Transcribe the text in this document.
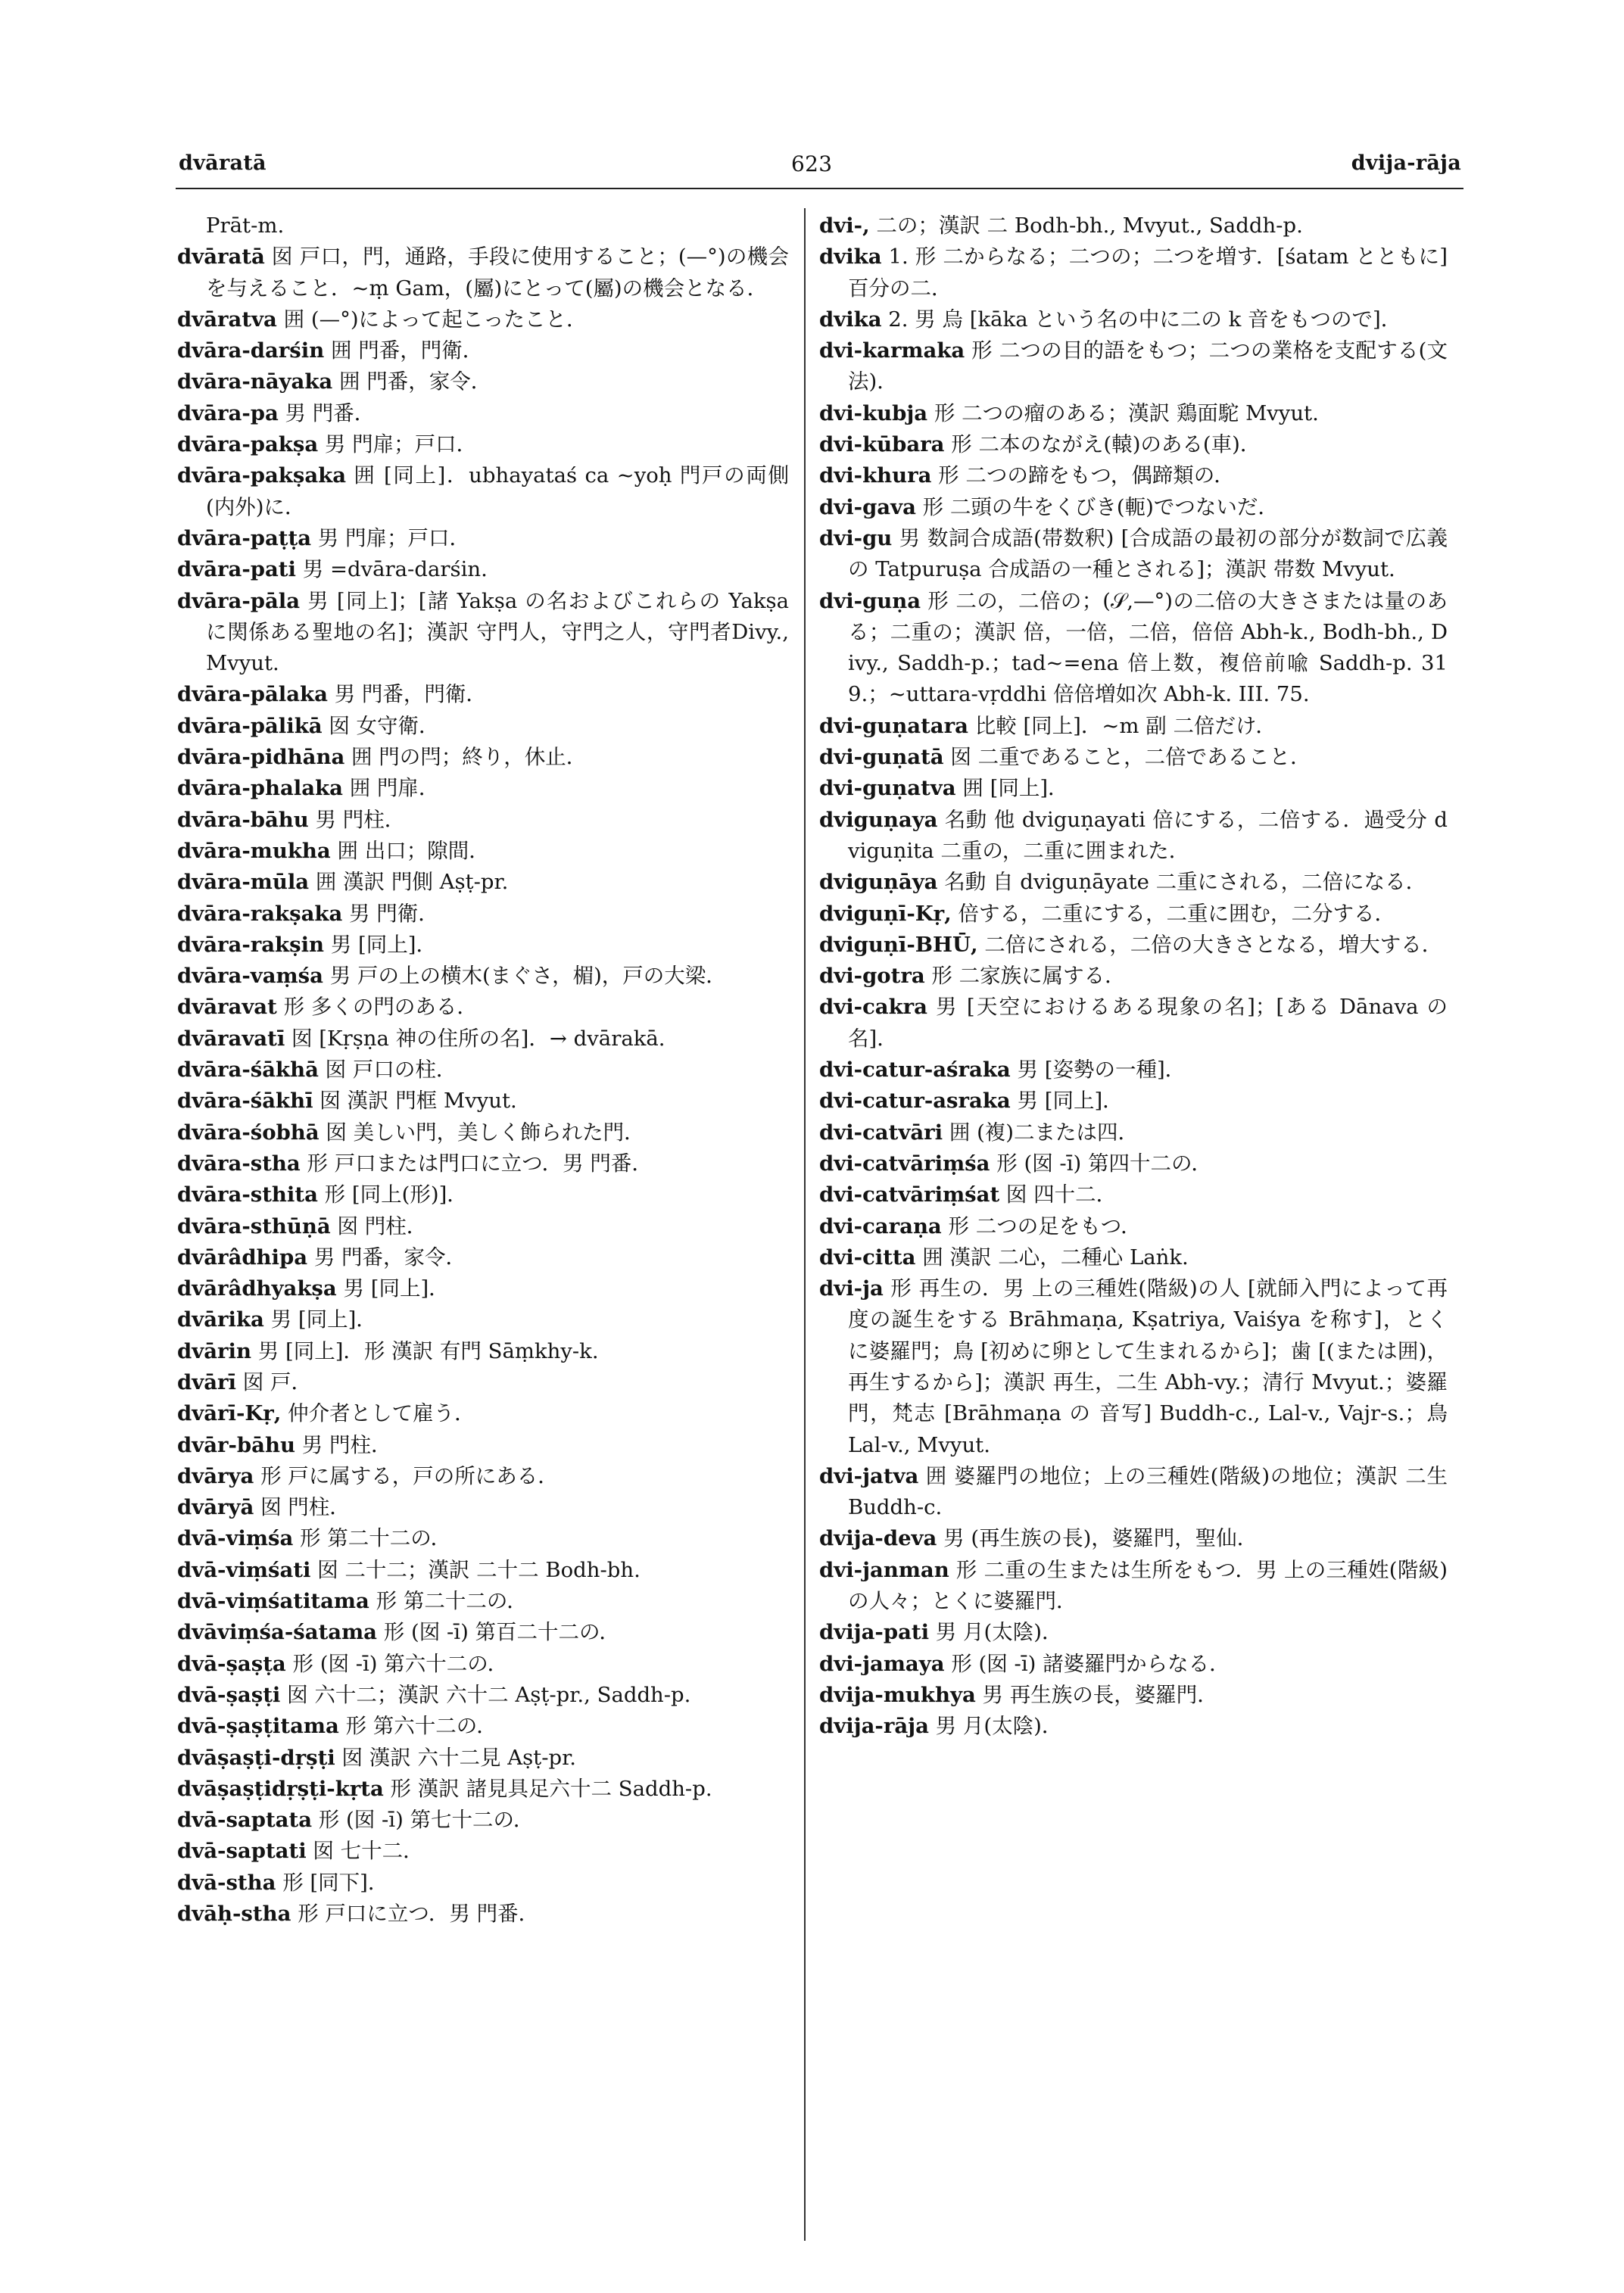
dvāratā	623	dvija-rāja
Prāt-m.
dvāratā 囡 戸口，門，通路，手段に使用すること；(—°)の機会を与えること．~ṃ Gam，(屬)にとって(屬)の機会となる．
dvāratva 囲 (—°)によって起こったこと．
dvāra-darśin 囲 門番，門衛．
dvāra-nāyaka 囲 門番，家令．
dvāra-pa 男 門番．
dvāra-pakṣa 男 門扉；戸口．
dvāra-pakṣaka 囲 [同上]．ubhayataś ca ~yoḥ 門戸の両側(内外)に．
dvāra-paṭṭa 男 門扉；戸口．
dvāra-pati 男 =dvāra-darśin.
dvāra-pāla 男 [同上]；[諸 Yakṣa の名およびこれらの Yakṣa に関係ある聖地の名]；漢訳 守門人，守門之人，守門者Divy., Mvyut.
dvāra-pālaka 男 門番，門衛．
dvāra-pālikā 囡 女守衛．
dvāra-pidhāna 囲 門の閂；終り，休止．
dvāra-phalaka 囲 門扉．
dvāra-bāhu 男 門柱．
dvāra-mukha 囲 出口；隙間．
dvāra-mūla 囲 漢訳 門側 Aṣṭ-pr.
dvāra-rakṣaka 男 門衛．
dvāra-rakṣin 男 [同上]．
dvāra-vaṃśa 男 戸の上の横木(まぐさ，楣)，戸の大梁．
dvāravat 形 多くの門のある．
dvāravatī 囡 [Kṛṣṇa 神の住所の名]．→ dvārakā.
dvāra-śākhā 囡 戸口の柱．
dvāra-śākhī 囡 漢訳 門框 Mvyut.
dvāra-śobhā 囡 美しい門，美しく飾られた門．
dvāra-stha 形 戸口または門口に立つ．男 門番．
dvāra-sthita 形 [同上(形)]．
dvāra-sthūṇā 囡 門柱．
dvārâdhipa 男 門番，家令．
dvārâdhyakṣa 男 [同上]．
dvārika 男 [同上]．
dvārin 男 [同上]．形 漢訳 有門 Sāṃkhy-k.
dvārī 囡 戸．
dvārī-Kṛ, 仲介者として雇う．
dvār-bāhu 男 門柱．
dvārya 形 戸に属する，戸の所にある．
dvāryā 囡 門柱．
dvā-viṃśa 形 第二十二の．
dvā-viṃśati 囡 二十二；漢訳 二十二 Bodh-bh.
dvā-viṃśatitama 形 第二十二の．
dvāviṃśa-śatama 形 (囡 -ī) 第百二十二の．
dvā-ṣaṣṭa 形 (囡 -ī) 第六十二の．
dvā-ṣaṣṭi 囡 六十二；漢訳 六十二 Aṣṭ-pr., Saddh-p.
dvā-ṣaṣṭitama 形 第六十二の．
dvāṣaṣṭi-dṛṣṭi 囡 漢訳 六十二見 Aṣṭ-pr.
dvāṣaṣṭidṛṣṭi-kṛta 形 漢訳 諸見具足六十二 Saddh-p.
dvā-saptata 形 (囡 -ī) 第七十二の．
dvā-saptati 囡 七十二．
dvā-stha 形 [同下]．
dvāḥ-stha 形 戸口に立つ．男 門番．
dvi-, 二の；漢訳 二 Bodh-bh., Mvyut., Saddh-p.
dvika 1. 形 二からなる；二つの；二つを増す．[śatam とともに] 百分の二．
dvika 2. 男 烏 [kāka という名の中に二の k 音をもつので]．
dvi-karmaka 形 二つの目的語をもつ；二つの業格を支配する(文法)．
dvi-kubja 形 二つの瘤のある；漢訳 鶏面駝 Mvyut.
dvi-kūbara 形 二本のながえ(轅)のある(車)．
dvi-khura 形 二つの蹄をもつ，偶蹄類の．
dvi-gava 形 二頭の牛をくびき(軛)でつないだ．
dvi-gu 男 数詞合成語(帯数釈) [合成語の最初の部分が数詞で広義の Tatpuruṣa 合成語の一種とされる]；漢訳 帯数 Mvyut.
dvi-guṇa 形 二の，二倍の；(𝒮,—°)の二倍の大きさまたは量のある；二重の；漢訳 倍，一倍，二倍，倍倍 Abh-k., Bodh-bh., Divy., Saddh-p.；tad~=ena 倍上数，複倍前喩 Saddh-p. 319.；~uttara-vṛddhi 倍倍増如次 Abh-k. III. 75.
dvi-guṇatara 比較 [同上]．~m 副 二倍だけ．
dvi-guṇatā 囡 二重であること，二倍であること．
dvi-guṇatva 囲 [同上]．
dviguṇaya 名動 他 dviguṇayati 倍にする，二倍する．過受分 dviguṇita 二重の，二重に囲まれた．
dviguṇāya 名動 自 dviguṇāyate 二重にされる，二倍になる．
dviguṇī-Kṛ, 倍する，二重にする，二重に囲む，二分する．
dviguṇī-BHŪ, 二倍にされる，二倍の大きさとなる，増大する．
dvi-gotra 形 二家族に属する．
dvi-cakra 男 [天空におけるある現象の名]；[ある Dānava の名]．
dvi-catur-aśraka 男 [姿勢の一種]．
dvi-catur-asraka 男 [同上]．
dvi-catvāri 囲 (複)二または四．
dvi-catvāriṃśa 形 (囡 -ī) 第四十二の．
dvi-catvāriṃśat 囡 四十二．
dvi-caraṇa 形 二つの足をもつ．
dvi-citta 囲 漢訳 二心，二種心 Laṅk.
dvi-ja 形 再生の．男 上の三種姓(階級)の人 [就師入門によって再度の誕生をする Brāhmaṇa, Kṣatriya, Vaiśya を称す]，とくに婆羅門；鳥 [初めに卵として生まれるから]；歯 [(または囲)，再生するから]；漢訳 再生，二生 Abh-vy.；清行 Mvyut.；婆羅門，梵志 [Brāhmaṇa の 音写] Buddh-c., Lal-v., Vajr-s.；鳥 Lal-v., Mvyut.
dvi-jatva 囲 婆羅門の地位；上の三種姓(階級)の地位；漢訳 二生 Buddh-c.
dvija-deva 男 (再生族の長)，婆羅門，聖仙．
dvi-janman 形 二重の生または生所をもつ．男 上の三種姓(階級)の人々；とくに婆羅門．
dvija-pati 男 月(太陰)．
dvi-jamaya 形 (囡 -ī) 諸婆羅門からなる．
dvija-mukhya 男 再生族の長，婆羅門．
dvija-rāja 男 月(太陰)．
